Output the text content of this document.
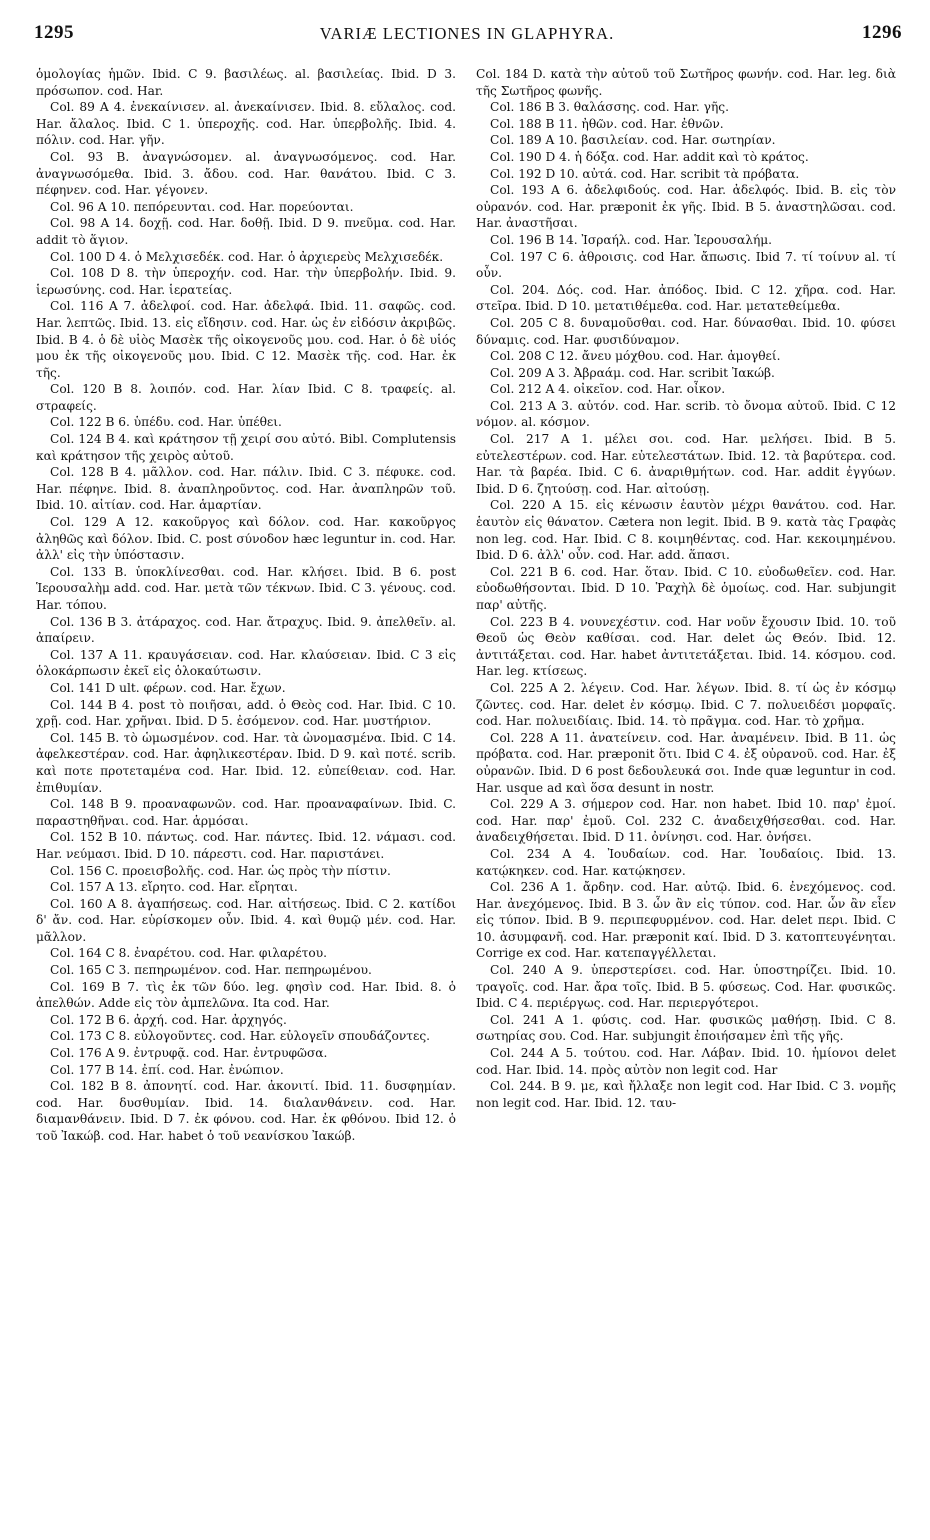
1295	VARIÆ LECTIONES IN GLAPHYRA.	1296

ὁμολογίας ἡμῶν. Ibid. C 9. βασιλέως. al. βασιλείας. Ibid. D 3. πρόσωπον. cod. Har.

Col. 89 A 4. ἐνεκαίνισεν. al. ἀνεκαίνισεν. Ibid. 8. εὔλαλος. cod. Har. ἄλαλος. Ibid. C 1. ὑπεροχῆς. cod. Har. ὑπερβολῆς. Ibid. 4. πόλιν. cod. Har. γῆν.

Col. 93 B. ἀναγνώσομεν. al. ἀναγνωσόμενος. cod. Har. ἀναγνωσόμεθα. Ibid. 3. ἄδου. cod. Har. θανάτου. Ibid. C 3. πέφηνεν. cod. Har. γέγονεν.

Col. 96 A 10. πεπόρευνται. cod. Har. πορεύονται.

Col. 98 A 14. δοχῇ. cod. Har. δοθῇ. Ibid. D 9. πνεῦμα. cod. Har. addit τὸ ἅγιον.

Col. 100 D 4. ὁ Μελχισεδέκ. cod. Har. ὁ ἀρχιερεὺς Μελχισεδέκ.

Col. 108 D 8. τὴν ὑπεροχήν. cod. Har. τὴν ὑπερβολήν. Ibid. 9. ἱερωσύνης. cod. Har. ἱερατείας.

Col. 116 A 7. ἀδελφοί. cod. Har. ἀδελφά. Ibid. 11. σαφῶς. cod. Har. λεπτῶς. Ibid. 13. εἰς εἴδησιν. cod. Har. ὡς ἐν εἰδόσιν ἀκριβῶς. Ibid. B 4. ὁ δὲ υἱὸς Μασὲκ τῆς οἰκογενοῦς μου. cod. Har. ὁ δὲ υἱός μου ἐκ τῆς οἰκογενοῦς μου. Ibid. C 12. Μασὲκ τῆς. cod. Har. ἐκ τῆς.

Col. 120 B 8. λοιπόν. cod. Har. λίαν Ibid. C 8. τραφείς. al. στραφείς.

Col. 122 B 6. ὑπέδυ. cod. Har. ὑπέθει.

Col. 124 B 4. καὶ κράτησον τῇ χειρί σου αὐτό. Bibl. Complutensis καὶ κράτησον τῆς χειρὸς αὐτοῦ.

Col. 128 B 4. μᾶλλον. cod. Har. πάλιν. Ibid. C 3. πέφυκε. cod. Har. πέφηνε. Ibid. 8. ἀναπληροῦντος. cod. Har. ἀναπληρῶν τοῦ. Ibid. 10. αἰτίαν. cod. Har. ἁμαρτίαν.

Col. 129 A 12. κακοῦργος καὶ δόλον. cod. Har. κακοῦργος ἀληθῶς καὶ δόλον. Ibid. C. post σύνοδον hæc leguntur in. cod. Har. ἀλλ' εἰς τὴν ὑπόστασιν.

Col. 133 B. ὑποκλίνεσθαι. cod. Har. κλήσει. Ibid. B 6. post Ἱερουσαλὴμ add. cod. Har. μετὰ τῶν τέκνων. Ibid. C 3. γένους. cod. Har. τόπου.

Col. 136 B 3. ἀτάραχος. cod. Har. ἄτραχυς. Ibid. 9. ἀπελθεῖν. al. ἀπαίρειν.

Col. 137 A 11. κραυγάσειαν. cod. Har. κλαύσειαν. Ibid. C 3 εἰς ὁλοκάρπωσιν ἐκεῖ εἰς ὁλοκαύτωσιν.

Col. 141 D ult. φέρων. cod. Har. ἔχων.

Col. 144 B 4. post τὸ ποιῆσαι, add. ὁ Θεὸς cod. Har. Ibid. C 10. χρῇ. cod. Har. χρῆναι. Ibid. D 5. ἐσόμενον. cod. Har. μυστήριον.

Col. 145 B. τὸ ὡμωσμένον. cod. Har. τὰ ὠνομασμένα. Ibid. C 14. ἀφελκεστέραν. cod. Har. ἀφηλικεστέραν. Ibid. D 9. καὶ ποτέ. scrib. καὶ ποτε προτεταμένα cod. Har. Ibid. 12. εὐπείθειαν. cod. Har. ἐπιθυμίαν.

Col. 148 B 9. προαναφωνῶν. cod. Har. προαναφαίνων. Ibid. C. παραστηθῆναι. cod. Har. ἁρμόσαι.

Col. 152 B 10. πάντως. cod. Har. πάντες. Ibid. 12. νάμασι. cod. Har. νεύμασι. Ibid. D 10. πάρεστι. cod. Har. παριστάνει.

Col. 156 C. προεισβολῆς. cod. Har. ὡς πρὸς τὴν πίστιν.

Col. 157 A 13. εἴρητο. cod. Har. εἴρηται.

Col. 160 A 8. ἀγαπήσεως. cod. Har. αἰτήσεως. Ibid. C 2. κατίδοι δ' ἄν. cod. Har. εὑρίσκομεν οὖν. Ibid. 4. καὶ θυμῷ μέν. cod. Har. μᾶλλον.

Col. 164 C 8. ἐναρέτου. cod. Har. φιλαρέτου.

Col. 165 C 3. πεπηρωμένον. cod. Har. πεπηρωμένου.

Col. 169 B 7. τὶς ἐκ τῶν δύο. leg. φησὶν cod. Har. Ibid. 8. ὁ ἀπελθών. Adde εἰς τὸν ἀμπελῶνα. Ita cod. Har.

Col. 172 B 6. ἀρχή. cod. Har. ἀρχηγός.

Col. 173 C 8. εὐλογοῦντες. cod. Har. εὐλογεῖν σπουδάζοντες.

Col. 176 A 9. ἐντρυφᾷ. cod. Har. ἐντρυφῶσα.

Col. 177 B 14. ἐπί. cod. Har. ἐνώπιον.

Col. 182 B 8. ἀπονητί. cod. Har. ἀκονιτί. Ibid. 11. δυσφημίαν. cod. Har. δυσθυμίαν. Ibid. 14. διαλανθάνειν. cod. Har. διαμανθάνειν. Ibid. D 7. ἐκ φόνου. cod. Har. ἐκ φθόνου. Ibid 12. ὁ τοῦ Ἰακώβ. cod. Har. habet ὁ τοῦ νεανίσκου Ἰακώβ.

Col. 184 D. κατὰ τὴν αὐτοῦ τοῦ Σωτῆρος φωνήν. cod. Har. leg. διὰ τῆς Σωτῆρος φωνῆς.

Col. 186 B 3. θαλάσσης. cod. Har. γῆς.

Col. 188 B 11. ἠθῶν. cod. Har. ἐθνῶν.

Col. 189 A 10. βασιλείαν. cod. Har. σωτηρίαν.

Col. 190 D 4. ἡ δόξα. cod. Har. addit καὶ τὸ κράτος.

Col. 192 D 10. αὐτά. cod. Har. scribit τὰ πρόβατα.

Col. 193 A 6. ἀδελφιδούς. cod. Har. ἀδελφός. Ibid. B. εἰς τὸν οὐρανόν. cod. Har. præponit ἐκ γῆς. Ibid. B 5. ἀναστηλῶσαι. cod. Har. ἀναστῆσαι.

Col. 196 B 14. Ἰσραήλ. cod. Har. Ἱερουσαλήμ.

Col. 197 C 6. ἀθροισις. cod Har. ἄπωσις. Ibid 7. τί τοίνυν al. τί οὖν.

Col. 204. Δός. cod. Har. ἀπόδος. Ibid. C 12. χῆρα. cod. Har. στεῖρα. Ibid. D 10. μετατιθέμεθα. cod. Har. μετατεθείμεθα.

Col. 205 C 8. δυναμοῦσθαι. cod. Har. δύνασθαι. Ibid. 10. φύσει δύναμις. cod. Har. φυσιδύναμον.

Col. 208 C 12. ἄνευ μόχθου. cod. Har. ἀμογθεί.

Col. 209 A 3. Ἀβραάμ. cod. Har. scribit Ἰακώβ.

Col. 212 A 4. οἰκεῖον. cod. Har. οἶκον.

Col. 213 A 3. αὐτόν. cod. Har. scrib. τὸ ὄνομα αὐτοῦ. Ibid. C 12 νόμον. al. κόσμον.

Col. 217 A 1. μέλει σοι. cod. Har. μελήσει. Ibid. B 5. εὐτελεστέρων. cod. Har. εὐτελεστάτων. Ibid. 12. τὰ βαρύτερα. cod. Har. τὰ βαρέα. Ibid. C 6. ἀναριθμήτων. cod. Har. addit ἐγγύων. Ibid. D 6. ζητούσῃ. cod. Har. αἰτούσῃ.

Col. 220 A 15. εἰς κένωσιν ἑαυτὸν μέχρι θανάτου. cod. Har. ἑαυτὸν εἰς θάνατον. Cætera non legit. Ibid. B 9. κατὰ τὰς Γραφὰς non leg. cod. Har. Ibid. C 8. κοιμηθέντας. cod. Har. κεκοιμημένου. Ibid. D 6. ἀλλ' οὖν. cod. Har. add. ἅπασι.

Col. 221 B 6. cod. Har. ὅταν. Ibid. C 10. εὐοδωθεῖεν. cod. Har. εὐοδωθήσονται. Ibid. D 10. Ῥαχὴλ δὲ ὁμοίως. cod. Har. subjungit παρ' αὐτῆς.

Col. 223 B 4. νουνεχέστιν. cod. Har νοῦν ἔχουσιν Ibid. 10. τοῦ Θεοῦ ὡς Θεὸν καθίσαι. cod. Har. delet ὡς Θεόν. Ibid. 12. ἀντιτάξεται. cod. Har. habet ἀντιτετάξεται. Ibid. 14. κόσμου. cod. Har. leg. κτίσεως.

Col. 225 A 2. λέγειν. Cod. Har. λέγων. Ibid. 8. τί ὡς ἐν κόσμῳ ζῶντες. cod. Har. delet ἐν κόσμῳ. Ibid. C 7. πολυειδέσι μορφαῖς. cod. Har. πολυειδίαις. Ibid. 14. τὸ πρᾶγμα. cod. Har. τὸ χρῆμα.

Col. 228 A 11. ἀνατείνειν. cod. Har. ἀναμένειν. Ibid. B 11. ὡς πρόβατα. cod. Har. præponit ὅτι. Ibid C 4. ἐξ οὐρανοῦ. cod. Har. ἐξ οὐρανῶν. Ibid. D 6 post δεδουλευκά σοι. Inde quæ leguntur in cod. Har. usque ad καὶ ὅσα desunt in nostr.

Col. 229 A 3. σήμερον cod. Har. non habet. Ibid 10. παρ' ἐμοί. cod. Har. παρ' ἐμοῦ. Col. 232 C. ἀναδειχθήσεσθαι. cod. Har. ἀναδειχθήσεται. Ibid. D 11. ὀνίνησι. cod. Har. ὀνήσει.

Col. 234 A 4. Ἰουδαίων. cod. Har. Ἰουδαίοις. Ibid. 13. κατῴκηκεν. cod. Har. κατῴκησεν.

Col. 236 A 1. ἄρδην. cod. Har. αὐτῷ. Ibid. 6. ἐνεχόμενος. cod. Har. ἀνεχόμενος. Ibid. B 3. ὧν ἂν εἰς τύπον. cod. Har. ὧν ἂν εἶεν εἰς τύπον. Ibid. B 9. περιπεφυρμένον. cod. Har. delet περι. Ibid. C 10. ἀσυμφανῆ. cod. Har. præponit καί. Ibid. D 3. κατοπτευγένηται. Corrige ex cod. Har. κατεπαγγέλλεται.

Col. 240 A 9. ὑπερστερίσει. cod. Har. ὑποστηρίζει. Ibid. 10. τραγοῖς. cod. Har. ἄρα τοῖς. Ibid. B 5. φύσεως. Cod. Har. φυσικῶς. Ibid. C 4. περιέργως. cod. Har. περιεργότεροι.

Col. 241 A 1. φύσις. cod. Har. φυσικῶς μαθήσῃ. Ibid. C 8. σωτηρίας σου. Cod. Har. subjungit ἐποιήσαμεν ἐπὶ τῆς γῆς.

Col. 244 A 5. τούτου. cod. Har. Λάβαν. Ibid. 10. ἡμίονοι delet cod. Har. Ibid. 14. πρὸς αὐτὸν non legit cod. Har

Col. 244. B 9. με, καὶ ἤλλαξε non legit cod. Har Ibid. C 3. νομῆς non legit cod. Har. Ibid. 12. ταυ-
